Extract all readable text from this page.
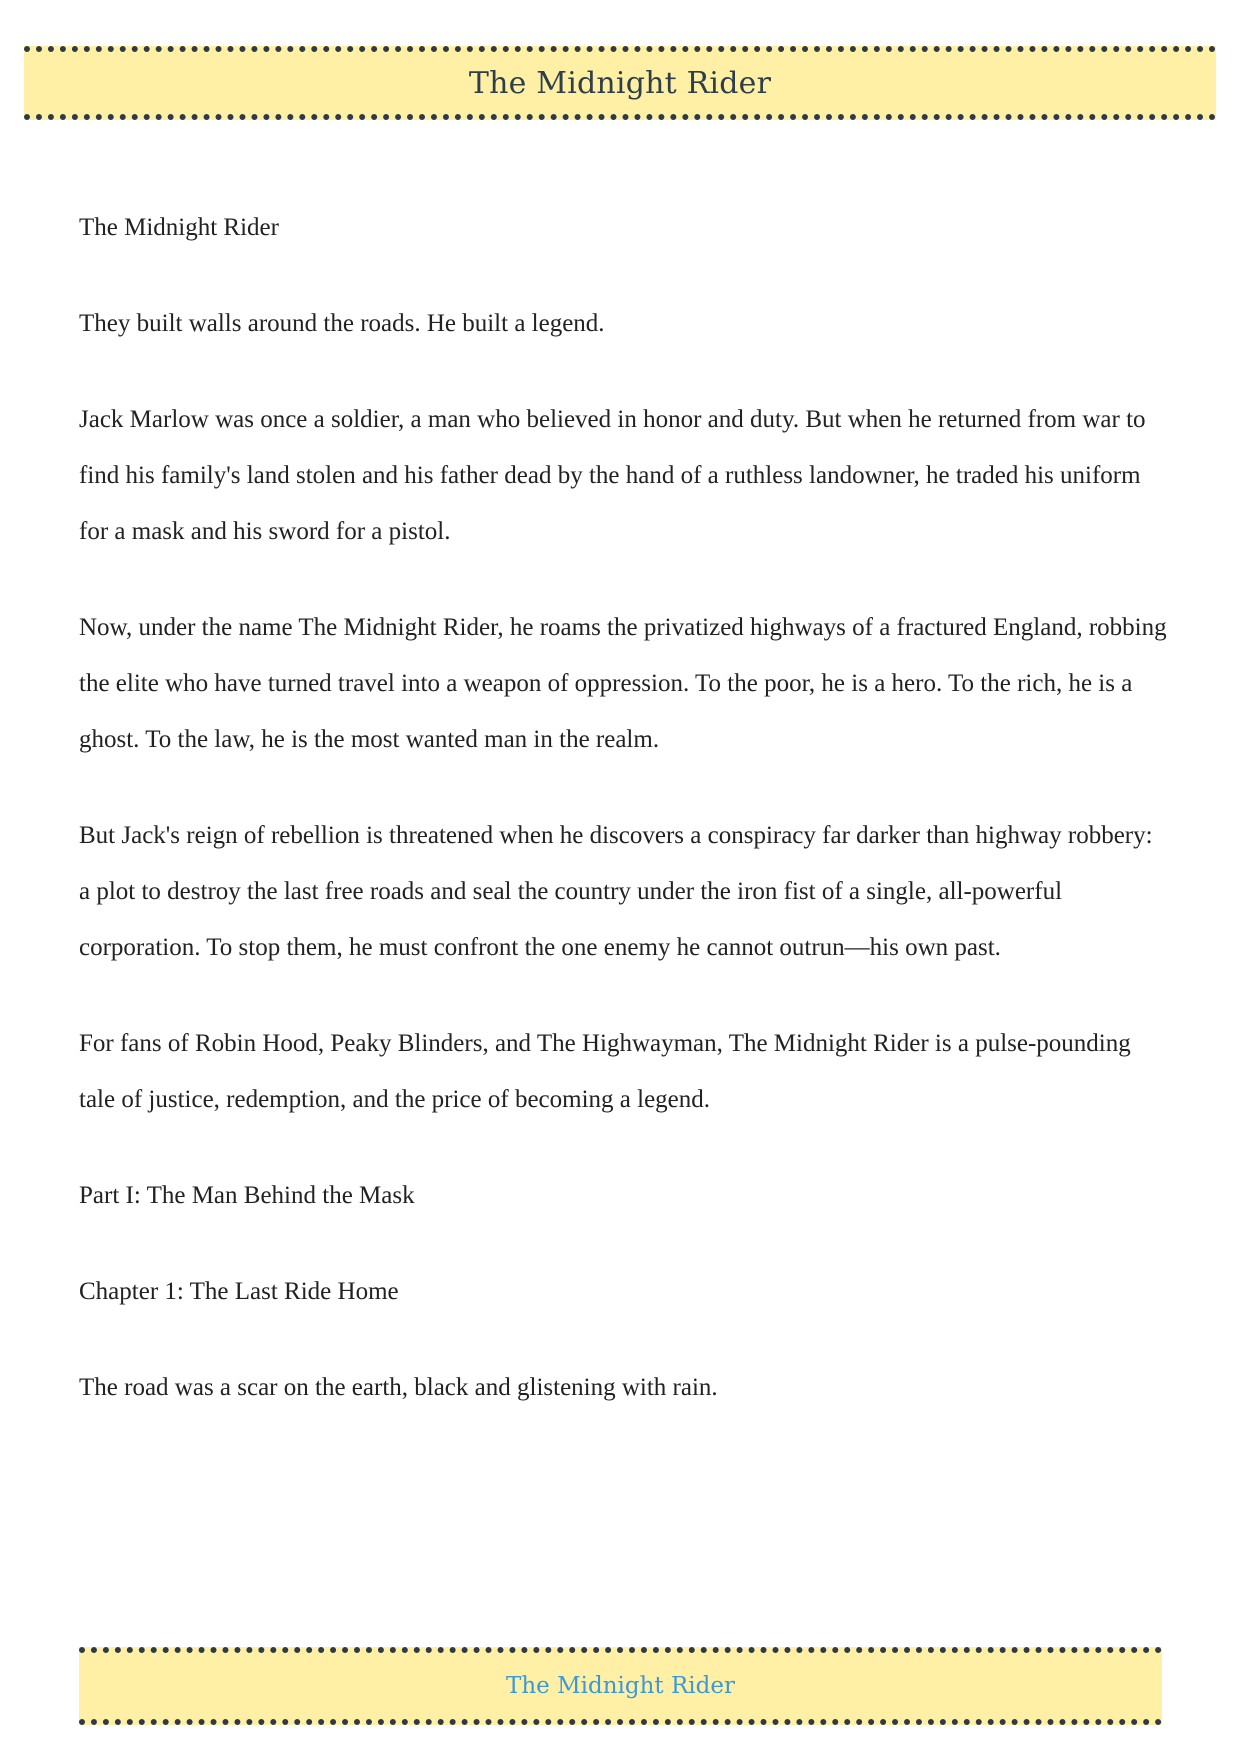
The Midnight Rider

The Midnight Rider

They built walls around the roads. He built a legend.

Jack Marlow was once a soldier, a man who believed in honor and duty. But when he returned from war to find his family's land stolen and his father dead by the hand of a ruthless landowner, he traded his uniform for a mask and his sword for a pistol.

Now, under the name The Midnight Rider, he roams the privatized highways of a fractured England, robbing the elite who have turned travel into a weapon of oppression. To the poor, he is a hero. To the rich, he is a ghost. To the law, he is the most wanted man in the realm.

But Jack's reign of rebellion is threatened when he discovers a conspiracy far darker than highway robbery: a plot to destroy the last free roads and seal the country under the iron fist of a single, all-powerful corporation. To stop them, he must confront the one enemy he cannot outrun—his own past.

For fans of Robin Hood, Peaky Blinders, and The Highwayman, The Midnight Rider is a pulse-pounding tale of justice, redemption, and the price of becoming a legend.

Part I: The Man Behind the Mask

Chapter 1: The Last Ride Home

The road was a scar on the earth, black and glistening with rain.

The Midnight Rider
